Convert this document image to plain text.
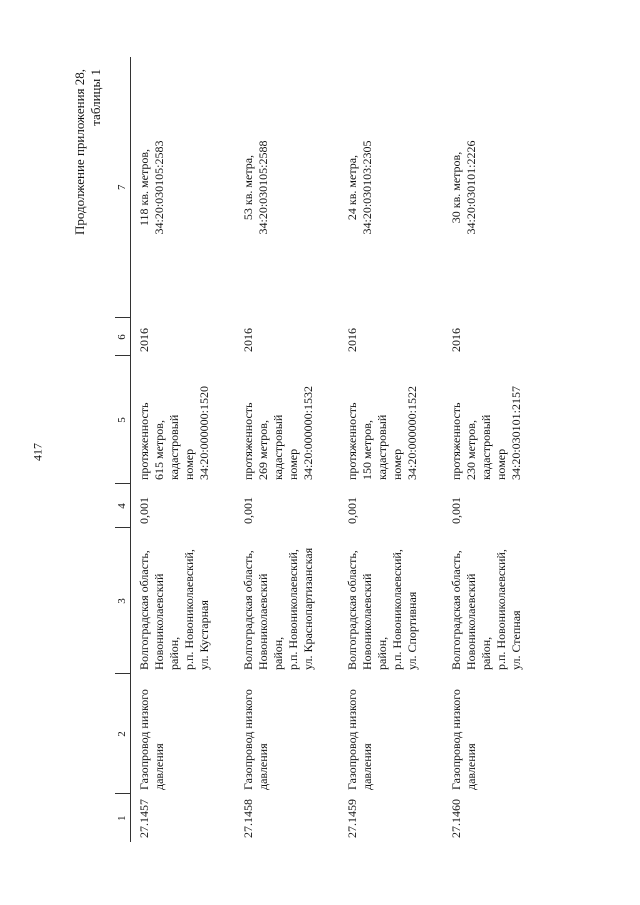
417
Продолжение приложения 28, таблицы 1
1	2	3	4	5	6	7
27.1457	Газопровод низкого давления	Волгоградская область,
Новониколаевский
район,
р.п. Новониколаевский,
ул. Кустарная	0,001	протяженность
615 метров,
кадастровый
номер
34:20:000000:1520	2016	118 кв. метров,
34:20:030105:2583
27.1458	Газопровод низкого давления	Волгоградская область,
Новониколаевский
район,
р.п. Новониколаевский,
ул. Краснопартизанская	0,001	протяженность
269 метров,
кадастровый
номер
34:20:000000:1532	2016	53 кв. метра,
34:20:030105:2588
27.1459	Газопровод низкого давления	Волгоградская область,
Новониколаевский
район,
р.п. Новониколаевский,
ул. Спортивная	0,001	протяженность
150 метров,
кадастровый
номер
34:20:000000:1522	2016	24 кв. метра,
34:20:030103:2305
27.1460	Газопровод низкого давления	Волгоградская область,
Новониколаевский
район,
р.п. Новониколаевский,
ул. Степная	0,001	протяженность
230 метров,
кадастровый
номер
34:20:030101:2157	2016	30 кв. метров,
34:20:030101:2226
